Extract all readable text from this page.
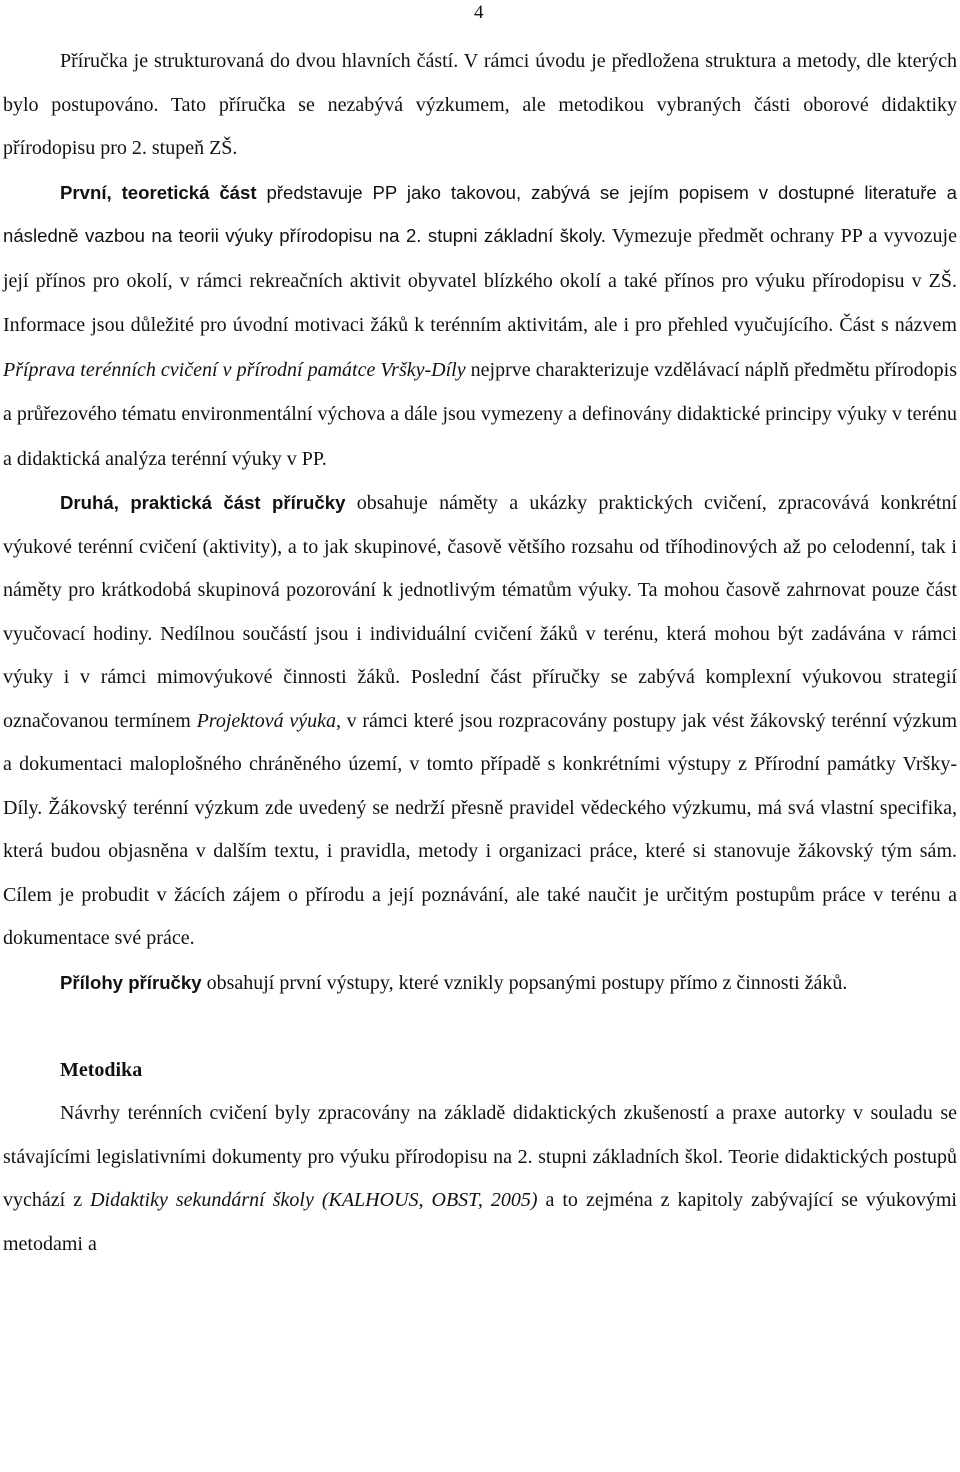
4

Příručka je strukturovaná do dvou hlavních částí. V rámci úvodu je předložena struktura a metody, dle kterých bylo postupováno. Tato příručka se nezabývá výzkumem, ale metodikou vybraných části oborové didaktiky přírodopisu pro 2. stupeň ZŠ.

První, teoretická část představuje PP jako takovou, zabývá se jejím popisem v dostupné literatuře a následně vazbou na teorii výuky přírodopisu na 2. stupni základní školy. Vymezuje předmět ochrany PP a vyvozuje její přínos pro okolí, v rámci rekreačních aktivit obyvatel blízkého okolí a také přínos pro výuku přírodopisu v ZŠ. Informace jsou důležité pro úvodní motivaci žáků k terénním aktivitám, ale i pro přehled vyučujícího. Část s názvem Příprava terénních cvičení v přírodní památce Vršky-Díly nejprve charakterizuje vzdělávací náplň předmětu přírodopis a průřezového tématu environmentální výchova a dále jsou vymezeny a definovány didaktické principy výuky v terénu a didaktická analýza terénní výuky v PP.

Druhá, praktická část příručky obsahuje náměty a ukázky praktických cvičení, zpracovává konkrétní výukové terénní cvičení (aktivity), a to jak skupinové, časově většího rozsahu od tříhodinových až po celodenní, tak i náměty pro krátkodobá skupinová pozorování k jednotlivým tématům výuky. Ta mohou časově zahrnovat pouze část vyučovací hodiny. Nedílnou součástí jsou i individuální cvičení žáků v terénu, která mohou být zadávána v rámci výuky i v rámci mimovýukové činnosti žáků. Poslední část příručky se zabývá komplexní výukovou strategií označovanou termínem Projektová výuka, v rámci které jsou rozpracovány postupy jak vést žákovský terénní výzkum a dokumentaci maloplošného chráněného území, v tomto případě s konkrétními výstupy z Přírodní památky Vršky-Díly. Žákovský terénní výzkum zde uvedený se nedrží přesně pravidel vědeckého výzkumu, má svá vlastní specifika, která budou objasněna v dalším textu, i pravidla, metody i organizaci práce, které si stanovuje žákovský tým sám. Cílem je probudit v žácích zájem o přírodu a její poznávání, ale také naučit je určitým postupům práce v terénu a dokumentace své práce.

Přílohy příručky obsahují první výstupy, které vznikly popsanými postupy přímo z činnosti žáků.

Metodika

Návrhy terénních cvičení byly zpracovány na základě didaktických zkušeností a praxe autorky v souladu se stávajícími legislativními dokumenty pro výuku přírodopisu na 2. stupni základních škol. Teorie didaktických postupů vychází z Didaktiky sekundární školy (KALHOUS, OBST, 2005) a to zejména z kapitoly zabývající se výukovými metodami a
